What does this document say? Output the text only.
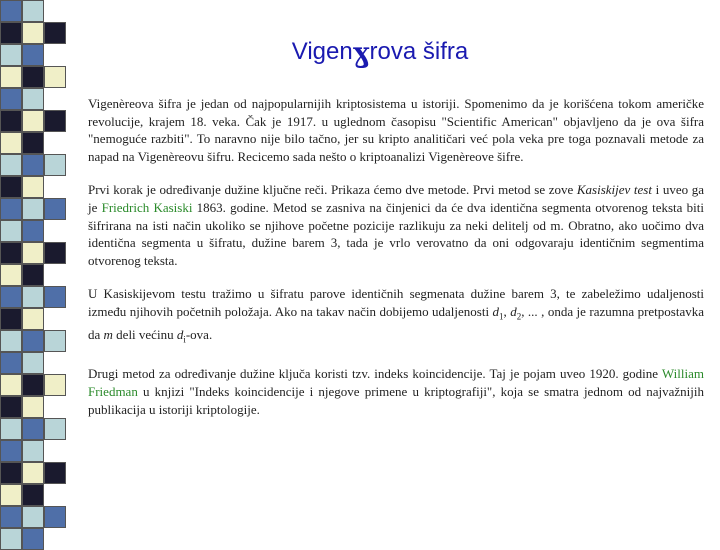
Vigenɣrova šifra

Vigenèreova šifra je jedan od najpopularnijih kriptosistema u istoriji. Spomenimo da je korišćena tokom američke revolucije, krajem 18. veka. Čak je 1917. u uglednom časopisu "Scientific American" objavljeno da je ova šifra "nemoguće razbiti". To naravno nije bilo tačno, jer su kripto analitičari već pola veka pre toga poznavali metode za napad na Vigenèreovu šifru. Recicemo sada nešto o kriptoanalizi Vigenèreove šifre.

Prvi korak je određivanje dužine ključne reči. Prikaza ćemo dve metode. Prvi metod se zove Kasiskijev test i uveo ga je Friedrich Kasiski 1863. godine. Metod se zasniva na činjenici da će dva identična segmenta otvorenog teksta biti šifrirana na isti način ukoliko se njihove početne pozicije razlikuju za neki delitelj od m. Obratno, ako uočimo dva identična segmenta u šifratu, dužine barem 3, tada je vrlo verovatno da oni odgovaraju identičnim segmentima otvorenog teksta.

U Kasiskijevom testu tražimo u šifratu parove identičnih segmenata dužine barem 3, te zabeležimo udaljenosti između njihovih početnih položaja. Ako na takav način dobijemo udaljenosti $d_1$, $d_2$, ... , onda je razumna pretpostavka da m deli većinu $d_i$-ova.

Drugi metod za određivanje dužine ključa koristi tzv. indeks koincidencije. Taj je pojam uveo 1920. godine William Friedman u knjizi "Indeks koincidencije i njegove primene u kriptografiji", koja se smatra jednom od najvažnijih publikacija u istoriji kriptologije.
